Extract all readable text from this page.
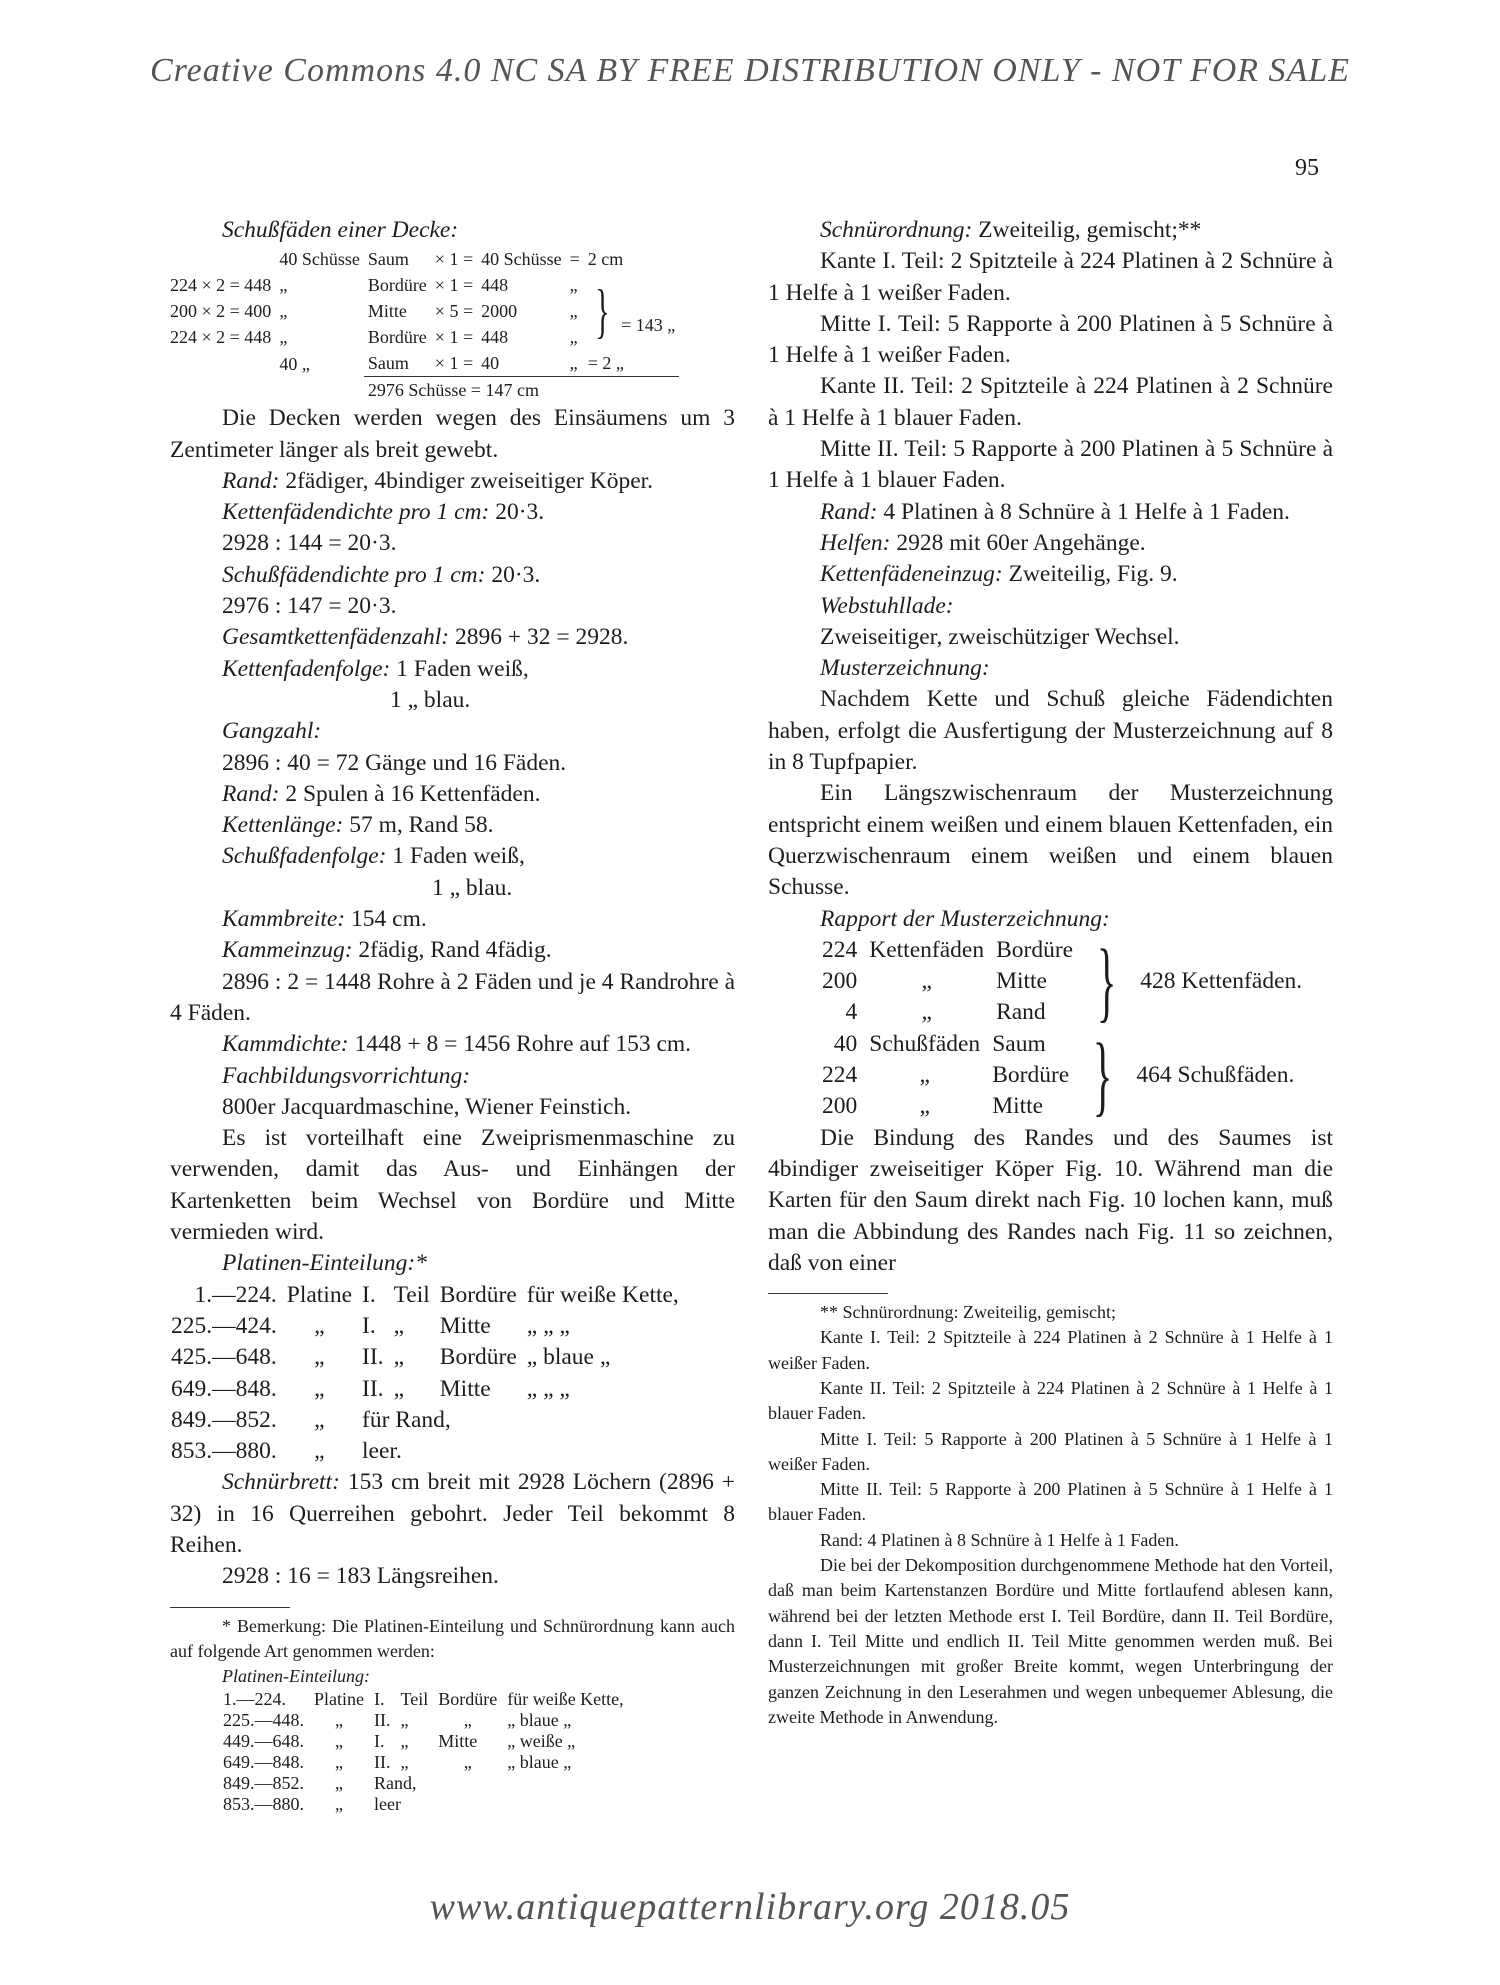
Creative Commons 4.0 NC SA BY FREE DISTRIBUTION ONLY - NOT FOR SALE
95

Schußfäden einer Decke:

	40 Schüsse	Saum	× 1 =	40 Schüsse	=	2 cm
224 × 2 = 448	„	Bordüre	× 1 =	448	„	} = 143 „
200 × 2 = 400	„	Mitte	× 5 =	2000	„	
224 × 2 = 448	„	Bordüre	× 1 =	448	„	
	40 „	Saum	× 1 =	40	„	= 2 „
		2976 Schüsse = 147 cm				

Die Decken werden wegen des Einsäumens um 3 Zentimeter länger als breit gewebt.

Rand: 2fädiger, 4bindiger zweiseitiger Köper.

Kettenfädendichte pro 1 cm: 20·3.

2928 : 144 = 20·3.

Schußfädendichte pro 1 cm: 20·3.

2976 : 147 = 20·3.

Gesamtkettenfädenzahl: 2896 + 32 = 2928.

Kettenfadenfolge: 1 Faden weiß,

1 „ blau.

Gangzahl:

2896 : 40 = 72 Gänge und 16 Fäden.

Rand: 2 Spulen à 16 Kettenfäden.

Kettenlänge: 57 m, Rand 58.

Schußfadenfolge: 1 Faden weiß,

1 „ blau.

Kammbreite: 154 cm.

Kammeinzug: 2fädig, Rand 4fädig.

2896 : 2 = 1448 Rohre à 2 Fäden und je 4 Randrohre à 4 Fäden.

Kammdichte: 1448 + 8 = 1456 Rohre auf 153 cm.

Fachbildungsvorrichtung:

800er Jacquardmaschine, Wiener Feinstich.

Es ist vorteilhaft eine Zweiprismenmaschine zu verwenden, damit das Aus- und Einhängen der Kartenketten beim Wechsel von Bordüre und Mitte vermieden wird.

Platinen-Einteilung:*

1.—224.	Platine	I.	Teil	Bordüre	für weiße Kette,
225.—424.	„	I.	„	Mitte	„ „ „
425.—648.	„	II.	„	Bordüre	„ blaue „
649.—848.	„	II.	„	Mitte	„ „ „
849.—852.	„	für Rand,			
853.—880.	„	leer.			

Schnürbrett: 153 cm breit mit 2928 Löchern (2896 + 32) in 16 Querreihen gebohrt. Jeder Teil bekommt 8 Reihen.

2928 : 16 = 183 Längsreihen.

* Bemerkung: Die Platinen-Einteilung und Schnürordnung kann auch auf folgende Art genommen werden:

Platinen-Einteilung:

1.—224.	Platine	I.	Teil	Bordüre	für weiße Kette,
225.—448.	„	II.	„	„	„ blaue „
449.—648.	„	I.	„	Mitte	„ weiße „
649.—848.	„	II.	„	„	„ blaue „
849.—852.	„	Rand,			
853.—880.	„	leer			

Schnürordnung: Zweiteilig, gemischt;**

Kante I. Teil: 2 Spitzteile à 224 Platinen à 2 Schnüre à 1 Helfe à 1 weißer Faden.

Mitte I. Teil: 5 Rapporte à 200 Platinen à 5 Schnüre à 1 Helfe à 1 weißer Faden.

Kante II. Teil: 2 Spitzteile à 224 Platinen à 2 Schnüre à 1 Helfe à 1 blauer Faden.

Mitte II. Teil: 5 Rapporte à 200 Platinen à 5 Schnüre à 1 Helfe à 1 blauer Faden.

Rand: 4 Platinen à 8 Schnüre à 1 Helfe à 1 Faden.

Helfen: 2928 mit 60er Angehänge.

Kettenfädeneinzug: Zweiteilig, Fig. 9.

Webstuhllade:

Zweiseitiger, zweischütziger Wechsel.

Musterzeichnung:

Nachdem Kette und Schuß gleiche Fädendichten haben, erfolgt die Ausfertigung der Musterzeichnung auf 8 in 8 Tupfpapier.

Ein Längszwischenraum der Musterzeichnung entspricht einem weißen und einem blauen Kettenfaden, ein Querzwischenraum einem weißen und einem blauen Schusse.

Rapport der Musterzeichnung:

224	Kettenfäden	Bordüre	}	428 Kettenfäden.
200	„	Mitte		
4	„	Rand		
40	Schußfäden	Saum	}	464 Schußfäden.
224	„	Bordüre		
200	„	Mitte		

Die Bindung des Randes und des Saumes ist 4bindiger zweiseitiger Köper Fig. 10. Während man die Karten für den Saum direkt nach Fig. 10 lochen kann, muß man die Abbindung des Randes nach Fig. 11 so zeichnen, daß von einer

** Schnürordnung: Zweiteilig, gemischt;

Kante I. Teil: 2 Spitzteile à 224 Platinen à 2 Schnüre à 1 Helfe à 1 weißer Faden.

Kante II. Teil: 2 Spitzteile à 224 Platinen à 2 Schnüre à 1 Helfe à 1 blauer Faden.

Mitte I. Teil: 5 Rapporte à 200 Platinen à 5 Schnüre à 1 Helfe à 1 weißer Faden.

Mitte II. Teil: 5 Rapporte à 200 Platinen à 5 Schnüre à 1 Helfe à 1 blauer Faden.

Rand: 4 Platinen à 8 Schnüre à 1 Helfe à 1 Faden.

Die bei der Dekomposition durchgenommene Methode hat den Vorteil, daß man beim Kartenstanzen Bordüre und Mitte fortlaufend ablesen kann, während bei der letzten Methode erst I. Teil Bordüre, dann II. Teil Bordüre, dann I. Teil Mitte und endlich II. Teil Mitte genommen werden muß. Bei Musterzeichnungen mit großer Breite kommt, wegen Unterbringung der ganzen Zeichnung in den Leserahmen und wegen unbequemer Ablesung, die zweite Methode in Anwendung.

www.antiquepatternlibrary.org 2018.05
